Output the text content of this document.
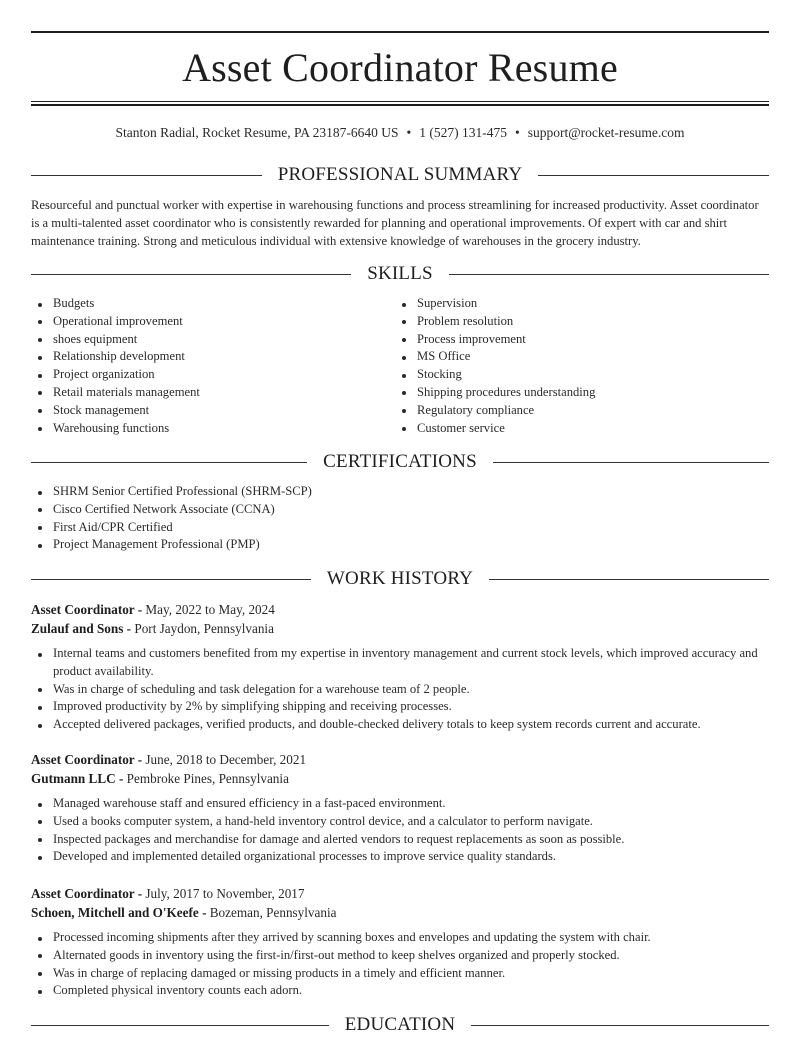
Asset Coordinator Resume
Stanton Radial, Rocket Resume, PA 23187-6640 US • 1 (527) 131-475 • support@rocket-resume.com
PROFESSIONAL SUMMARY
Resourceful and punctual worker with expertise in warehousing functions and process streamlining for increased productivity. Asset coordinator is a multi-talented asset coordinator who is consistently rewarded for planning and operational improvements. Of expert with car and shirt maintenance training. Strong and meticulous individual with extensive knowledge of warehouses in the grocery industry.
SKILLS
Budgets
Operational improvement
shoes equipment
Relationship development
Project organization
Retail materials management
Stock management
Warehousing functions
Supervision
Problem resolution
Process improvement
MS Office
Stocking
Shipping procedures understanding
Regulatory compliance
Customer service
CERTIFICATIONS
SHRM Senior Certified Professional (SHRM-SCP)
Cisco Certified Network Associate (CCNA)
First Aid/CPR Certified
Project Management Professional (PMP)
WORK HISTORY
Asset Coordinator - May, 2022 to May, 2024
Zulauf and Sons - Port Jaydon, Pennsylvania
Internal teams and customers benefited from my expertise in inventory management and current stock levels, which improved accuracy and product availability.
Was in charge of scheduling and task delegation for a warehouse team of 2 people.
Improved productivity by 2% by simplifying shipping and receiving processes.
Accepted delivered packages, verified products, and double-checked delivery totals to keep system records current and accurate.
Asset Coordinator - June, 2018 to December, 2021
Gutmann LLC - Pembroke Pines, Pennsylvania
Managed warehouse staff and ensured efficiency in a fast-paced environment.
Used a books computer system, a hand-held inventory control device, and a calculator to perform navigate.
Inspected packages and merchandise for damage and alerted vendors to request replacements as soon as possible.
Developed and implemented detailed organizational processes to improve service quality standards.
Asset Coordinator - July, 2017 to November, 2017
Schoen, Mitchell and O'Keefe - Bozeman, Pennsylvania
Processed incoming shipments after they arrived by scanning boxes and envelopes and updating the system with chair.
Alternated goods in inventory using the first-in/first-out method to keep shelves organized and properly stocked.
Was in charge of replacing damaged or missing products in a timely and efficient manner.
Completed physical inventory counts each adorn.
EDUCATION
